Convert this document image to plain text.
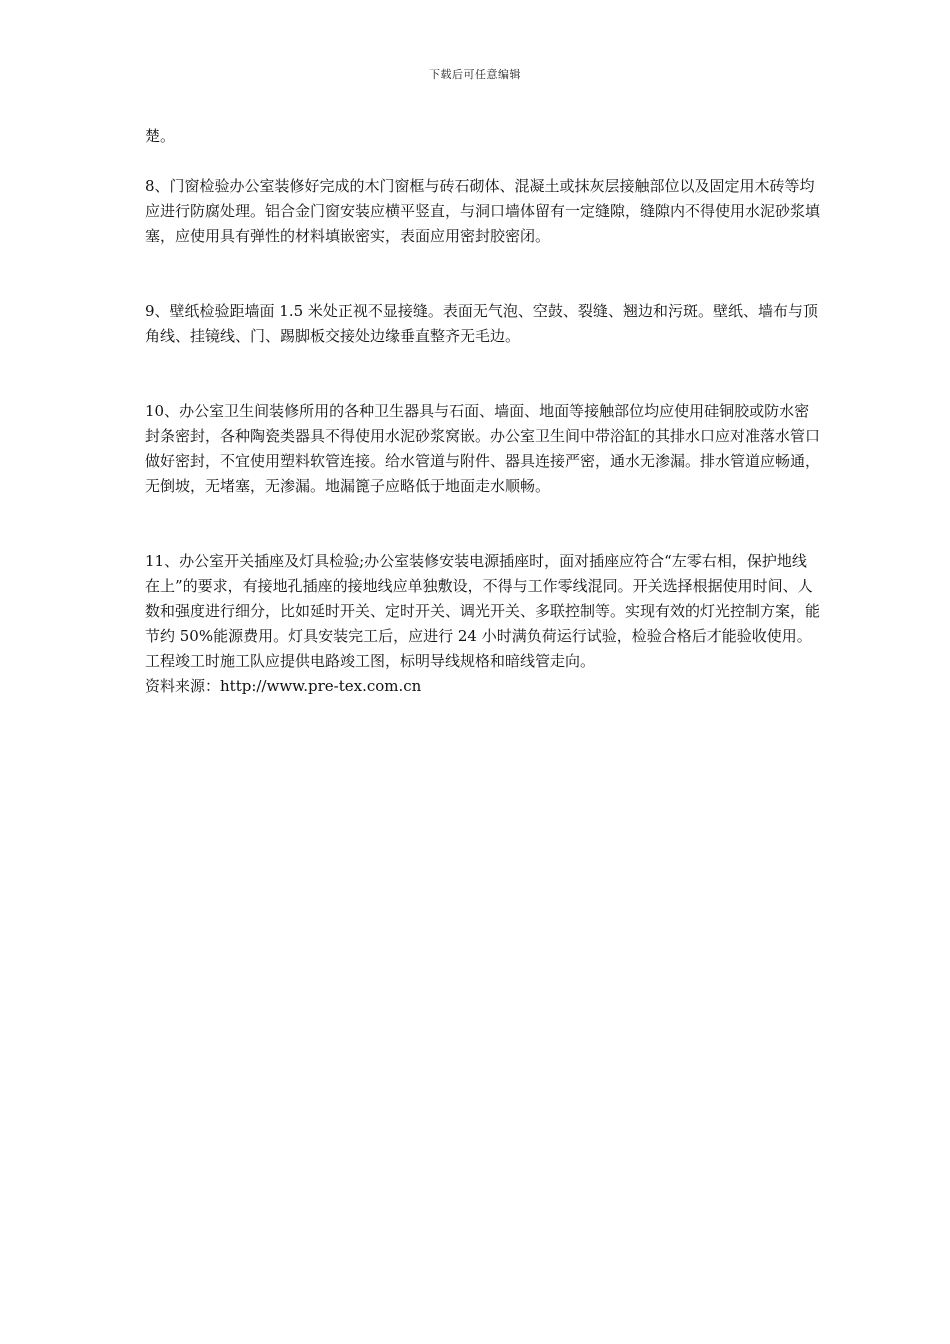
下载后可任意编辑

楚。

8、门窗检验办公室装修好完成的木门窗框与砖石砌体、混凝土或抹灰层接触部位以及固定用木砖等均应进行防腐处理。铝合金门窗安装应横平竖直，与洞口墙体留有一定缝隙，缝隙内不得使用水泥砂浆填塞，应使用具有弹性的材料填嵌密实，表面应用密封胶密闭。

9、壁纸检验距墙面 1.5 米处正视不显接缝。表面无气泡、空鼓、裂缝、翘边和污斑。壁纸、墙布与顶角线、挂镜线、门、踢脚板交接处边缘垂直整齐无毛边。

10、办公室卫生间装修所用的各种卫生器具与石面、墙面、地面等接触部位均应使用硅铜胶或防水密封条密封，各种陶瓷类器具不得使用水泥砂浆窝嵌。办公室卫生间中带浴缸的其排水口应对准落水管口做好密封，不宜使用塑料软管连接。给水管道与附件、器具连接严密，通水无渗漏。排水管道应畅通，无倒坡，无堵塞，无渗漏。地漏篦子应略低于地面走水顺畅。

11、办公室开关插座及灯具检验;办公室装修安装电源插座时，面对插座应符合“左零右相，保护地线在上”的要求，有接地孔插座的接地线应单独敷设，不得与工作零线混同。开关选择根据使用时间、人数和强度进行细分，比如延时开关、定时开关、调光开关、多联控制等。实现有效的灯光控制方案，能节约 50%能源费用。灯具安装完工后，应进行 24 小时满负荷运行试验，检验合格后才能验收使用。工程竣工时施工队应提供电路竣工图，标明导线规格和暗线管走向。

资料来源：http://www.pre-tex.com.cn
